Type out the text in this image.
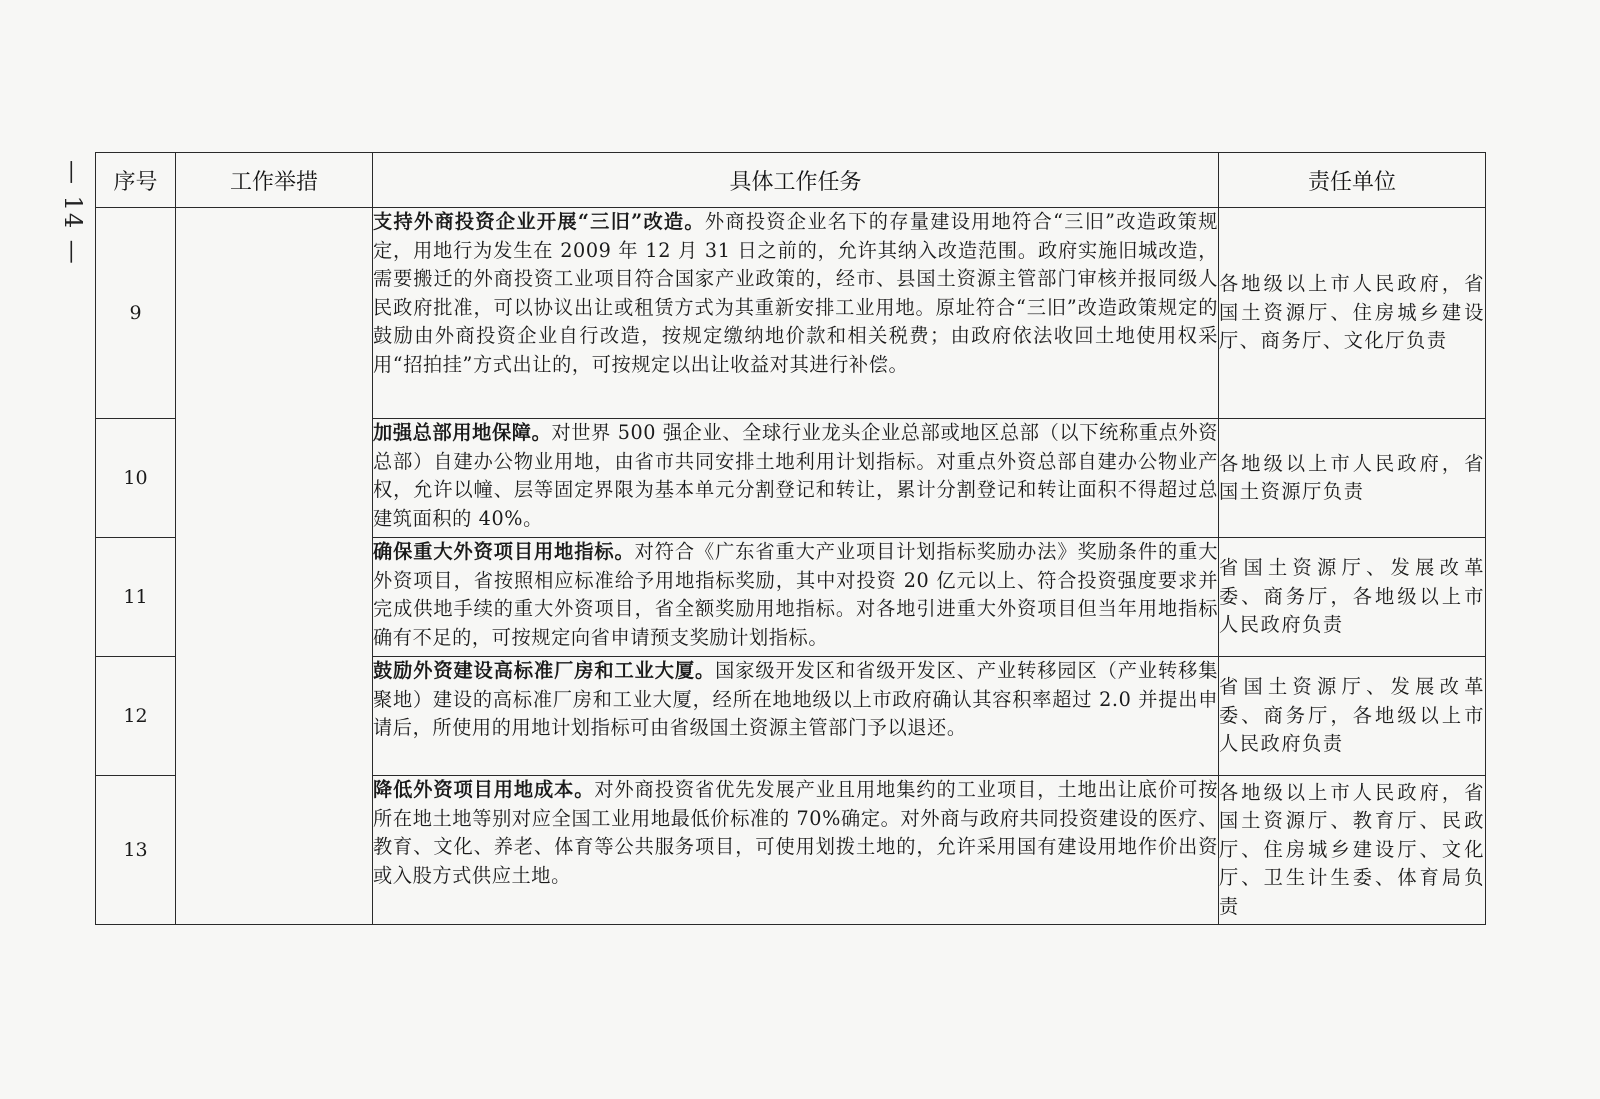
— 14 — 序号	工作举措	具体工作任务	责任单位
9		支持外商投资企业开展“三旧”改造。外商投资企业名下的存量建设用地符合“三旧”改造政策规定，用地行为发生在 2009 年 12 月 31 日之前的，允许其纳入改造范围。政府实施旧城改造，需要搬迁的外商投资工业项目符合国家产业政策的，经市、县国土资源主管部门审核并报同级人民政府批准，可以协议出让或租赁方式为其重新安排工业用地。原址符合“三旧”改造政策规定的鼓励由外商投资企业自行改造，按规定缴纳地价款和相关税费；由政府依法收回土地使用权采用“招拍挂”方式出让的，可按规定以出让收益对其进行补偿。	各地级以上市人民政府，省国土资源厅、住房城乡建设厅、商务厅、文化厅负责
10		加强总部用地保障。对世界 500 强企业、全球行业龙头企业总部或地区总部（以下统称重点外资总部）自建办公物业用地，由省市共同安排土地利用计划指标。对重点外资总部自建办公物业产权，允许以幢、层等固定界限为基本单元分割登记和转让，累计分割登记和转让面积不得超过总建筑面积的 40%。	各地级以上市人民政府，省国土资源厅负责
11		确保重大外资项目用地指标。对符合《广东省重大产业项目计划指标奖励办法》奖励条件的重大外资项目，省按照相应标准给予用地指标奖励，其中对投资 20 亿元以上、符合投资强度要求并完成供地手续的重大外资项目，省全额奖励用地指标。对各地引进重大外资项目但当年用地指标确有不足的，可按规定向省申请预支奖励计划指标。	省国土资源厅、发展改革委、商务厅，各地级以上市人民政府负责
12		鼓励外资建设高标准厂房和工业大厦。国家级开发区和省级开发区、产业转移园区（产业转移集聚地）建设的高标准厂房和工业大厦，经所在地地级以上市政府确认其容积率超过 2.0 并提出申请后，所使用的用地计划指标可由省级国土资源主管部门予以退还。	省国土资源厅、发展改革委、商务厅，各地级以上市人民政府负责
13		降低外资项目用地成本。对外商投资省优先发展产业且用地集约的工业项目，土地出让底价可按所在地土地等别对应全国工业用地最低价标准的 70%确定。对外商与政府共同投资建设的医疗、教育、文化、养老、体育等公共服务项目，可使用划拨土地的，允许采用国有建设用地作价出资或入股方式供应土地。	各地级以上市人民政府，省国土资源厅、教育厅、民政厅、住房城乡建设厅、文化厅、卫生计生委、体育局负责
